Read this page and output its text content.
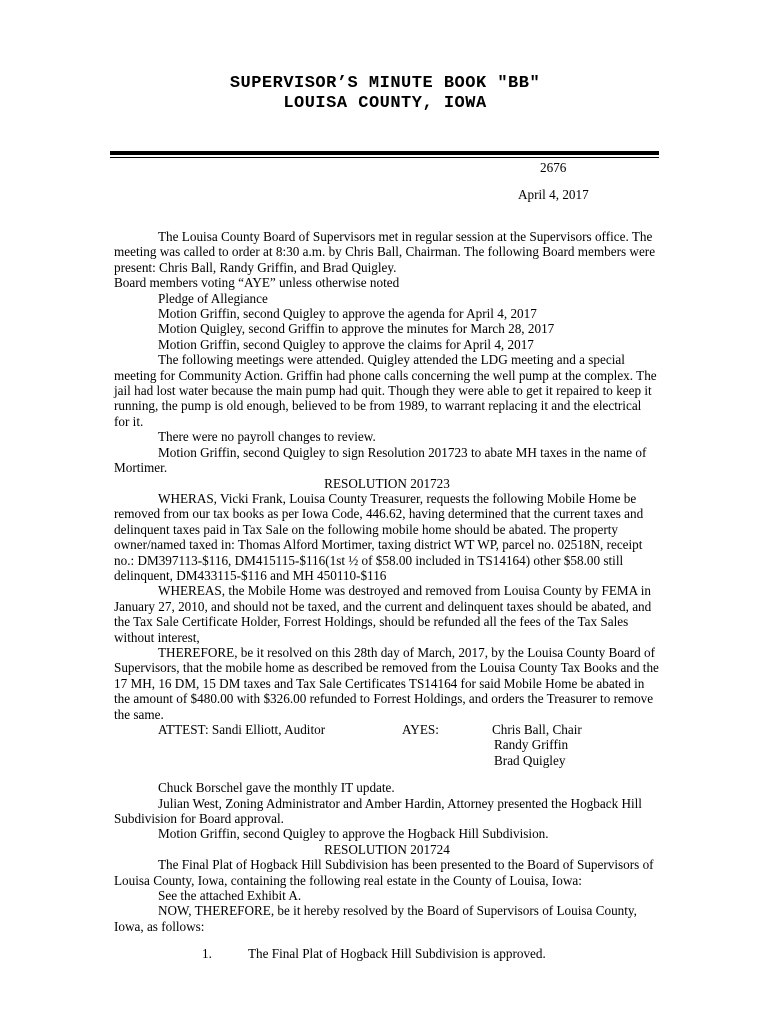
SUPERVISOR’S MINUTE BOOK "BB"
LOUISA COUNTY, IOWA
2676
April 4, 2017

The Louisa County Board of Supervisors met in regular session at the Supervisors office. The meeting was called to order at 8:30 a.m. by Chris Ball, Chairman. The following Board members were present: Chris Ball, Randy Griffin, and Brad Quigley.

Board members voting “AYE” unless otherwise noted

Pledge of Allegiance

Motion Griffin, second Quigley to approve the agenda for April 4, 2017

Motion Quigley, second Griffin to approve the minutes for March 28, 2017

Motion Griffin, second Quigley to approve the claims for April 4, 2017

The following meetings were attended. Quigley attended the LDG meeting and a special meeting for Community Action. Griffin had phone calls concerning the well pump at the complex. The jail had lost water because the main pump had quit. Though they were able to get it repaired to keep it running, the pump is old enough, believed to be from 1989, to warrant replacing it and the electrical for it.

There were no payroll changes to review.

Motion Griffin, second Quigley to sign Resolution 201723 to abate MH taxes in the name of Mortimer.

RESOLUTION 201723

WHERAS, Vicki Frank, Louisa County Treasurer, requests the following Mobile Home be removed from our tax books as per Iowa Code, 446.62, having determined that the current taxes and delinquent taxes paid in Tax Sale on the following mobile home should be abated. The property owner/named taxed in: Thomas Alford Mortimer, taxing district WT WP, parcel no. 02518N, receipt no.: DM397113-$116, DM415115-$116(1st ½ of $58.00 included in TS14164) other $58.00 still delinquent, DM433115-$116 and MH 450110-$116

WHEREAS, the Mobile Home was destroyed and removed from Louisa County by FEMA in January 27, 2010, and should not be taxed, and the current and delinquent taxes should be abated, and the Tax Sale Certificate Holder, Forrest Holdings, should be refunded all the fees of the Tax Sales without interest,

THEREFORE, be it resolved on this 28th day of March, 2017, by the Louisa County Board of Supervisors, that the mobile home as described be removed from the Louisa County Tax Books and the 17 MH, 16 DM, 15 DM taxes and Tax Sale Certificates TS14164 for said Mobile Home be abated in the amount of $480.00 with $326.00 refunded to Forrest Holdings, and orders the Treasurer to remove the same.

ATTEST: Sandi Elliott, Auditor	AYES:	Chris Ball, Chair
Randy Griffin
Brad Quigley

Chuck Borschel gave the monthly IT update.

Julian West, Zoning Administrator and Amber Hardin, Attorney presented the Hogback Hill Subdivision for Board approval.

Motion Griffin, second Quigley to approve the Hogback Hill Subdivision.

RESOLUTION 201724

The Final Plat of Hogback Hill Subdivision has been presented to the Board of Supervisors of Louisa County, Iowa, containing the following real estate in the County of Louisa, Iowa:

See the attached Exhibit A.

NOW, THEREFORE, be it hereby resolved by the Board of Supervisors of Louisa County, Iowa, as follows:

1.	The Final Plat of Hogback Hill Subdivision is approved.
